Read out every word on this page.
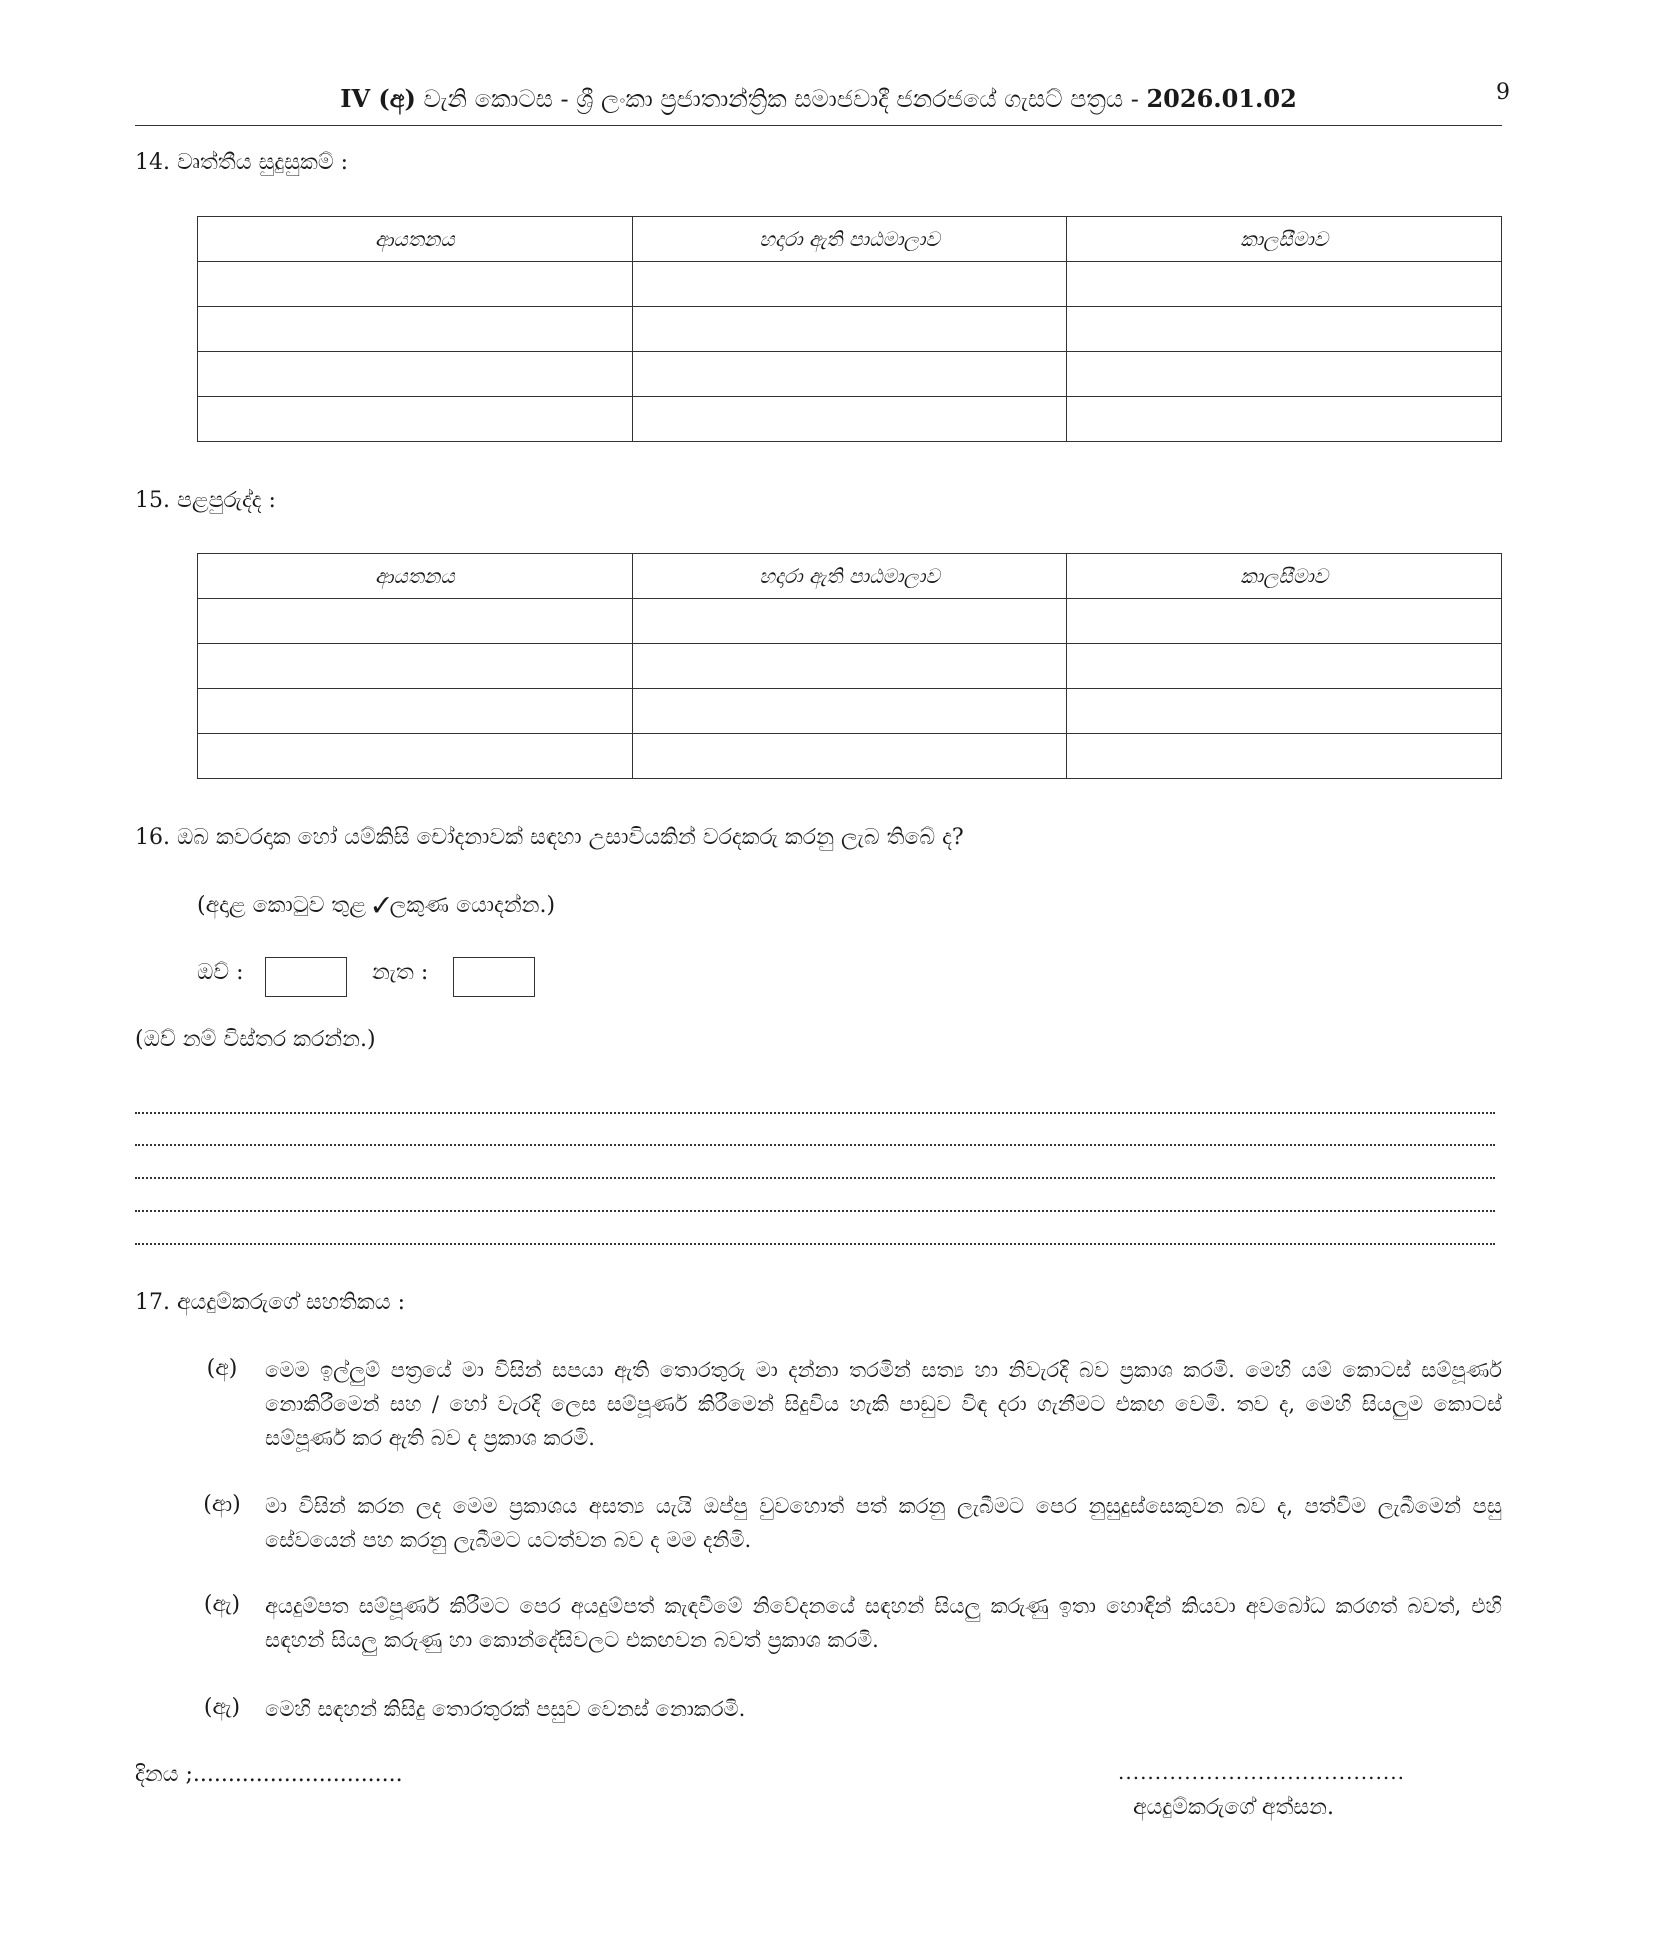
IV (අ) වැනි කොටස - ශ්‍රී ලංකා ප්‍රජාතාන්ත්‍රික සමාජවාදී ජනරජයේ ගැසට් පත්‍රය - 2026.01.02	9
14. වෘත්තීය සුදුසුකම් :
ආයතනය	හදාරා ඇති පාඨමාලාව	කාලසීමාව

15. පළපුරුද්ද :
ආයතනය	හදාරා ඇති පාඨමාලාව	කාලසීමාව

16. ඔබ කවරදාක හෝ යම්කිසි චෝදනාවක් සඳහා උසාවියකින් වරදකරු කරනු ලැබ තිබේ ද?
(අදාළ කොටුව තුළ ✓ලකුණ යොදන්න.)
ඔව් :	නැත :
(ඔව් නම් විස්තර කරන්න.)
17. අයදුම්කරුගේ සහතිකය :
(අ)	මෙම ඉල්ලුම් පත්‍රයේ මා විසින් සපයා ඇති තොරතුරු මා දන්නා තරමින් සත්‍ය හා නිවැරදි බව ප්‍රකාශ කරමි. මෙහි යම් කොටස් සම්පූර්ණ නොකිරීමෙන් සහ / හෝ වැරදි ලෙස සම්පූර්ණ කිරීමෙන් සිදුවිය හැකි පාඩුව විඳ දරා ගැනීමට එකඟ වෙමි. තව ද, මෙහි සියලුම කොටස් සම්පූර්ණ කර ඇති බව ද ප්‍රකාශ කරමි.
(ආ)	මා විසින් කරන ලද මෙම ප්‍රකාශය අසත්‍ය යැයි ඔප්පු වුවහොත් පත් කරනු ලැබීමට පෙර නුසුදුස්සෙකුවන බව ද, පත්වීම ලැබීමෙන් පසු සේවයෙන් පහ කරනු ලැබීමට යටත්වන බව ද මම දනිමි.
(ඇ)	අයදුම්පත සම්පූර්ණ කිරීමට පෙර අයදුම්පත් කැඳවීමේ නිවේදනයේ සඳහන් සියලු කරුණු ඉතා හොඳින් කියවා අවබෝධ කරගත් බවත්, එහි සඳහන් සියලු කරුණු හා කොන්දේසිවලට එකඟවන බවත් ප්‍රකාශ කරමි.
(ඇ)	මෙහි සඳහන් කිසිදු තොරතුරක් පසුව වෙනස් නොකරමි.
දිනය ;..............................	.......................................
අයදුම්කරුගේ අත්සන.
